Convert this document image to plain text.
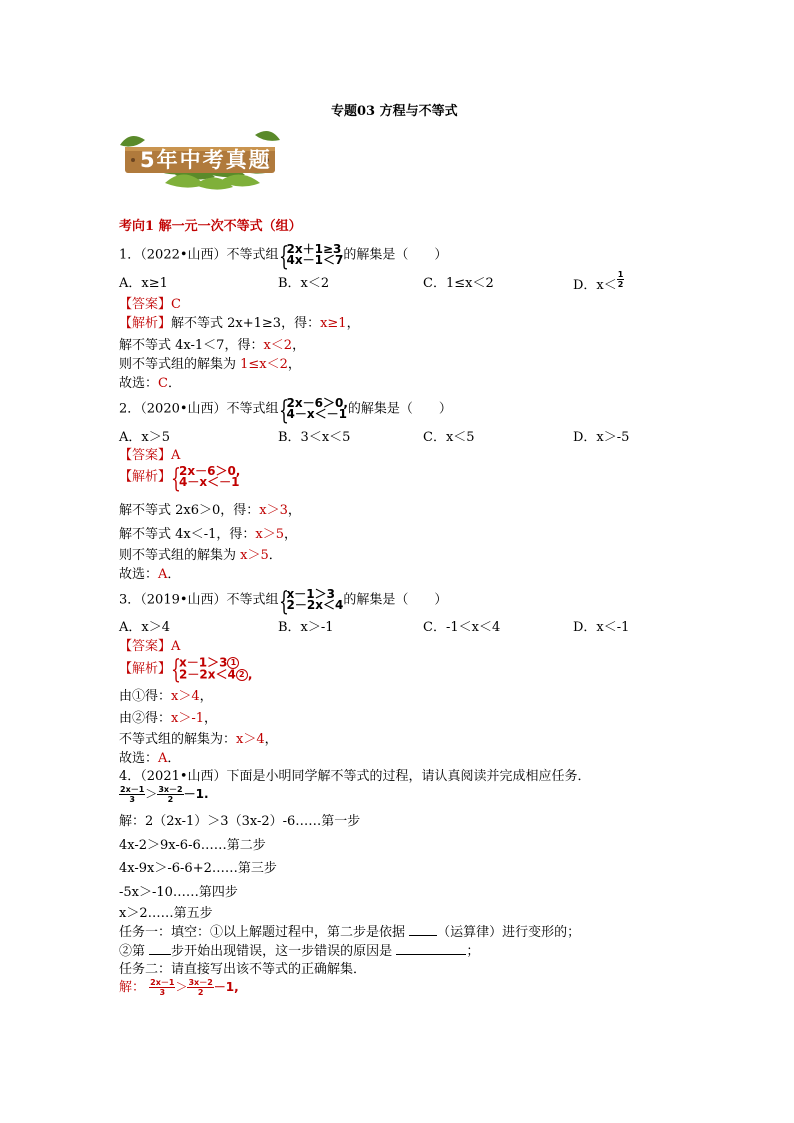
专题03 方程与不等式
5年中考真题
考向1 解一元一次不等式（组）
1．（2022•山西）不等式组 {
2x＋1≥3
4x－1＜7 的解集是（　　）
A．x≥1	B．x＜2	C．1≤x＜2	D．$x< \frac{1}{2}$
【答案】C
【解析】解不等式 2x+1≥3，得：x≥1，
解不等式 4x-1＜7，得：x＜2，
则不等式组的解集为 1≤x＜2，
故选：C．
2．（2020•山西）不等式组 {
2x－6＞0,
4－x＜－1 的解集是（　　）
A．x＞5	B．3＜x＜5	C．x＜5	D．x＞-5
【答案】A
【解析】 {
2x－6＞0,
4－x＜－1
解不等式 2x6＞0，得：x＞3，
解不等式 4x＜-1，得：x＞5，
则不等式组的解集为 x＞5．
故选：A．
3．（2019•山西）不等式组 {
x－1＞3
2－2x＜4 的解集是（　　）
A．x＞4	B．x＞-1	C．-1＜x＜4	D．x＜-1
【答案】A
【解析】 {
x－1＞3 1
2－2x＜4 2 ,
由①得：x＞4，
由②得：x＞-1，
不等式组的解集为：x＞4，
故选：A．
4．（2021•山西）下面是小明同学解不等式的过程，请认真阅读并完成相应任务．
$\frac{2x-1}{3} > \frac{3x-2}{2} -1$.
解：2（2x-1）＞3（3x-2）-6……第一步
4x-2＞9x-6-6……第二步
4x-9x＞-6-6+2……第三步
-5x＞-10……第四步
x＞2……第五步
任务一：填空：①以上解题过程中，第二步是依据 （运算律）进行变形的；
②第 步开始出现错误，这一步错误的原因是	；
任务二：请直接写出该不等式的正确解集．
解： $\frac{2x-1}{3} > \frac{3x-2}{2} -1$,
